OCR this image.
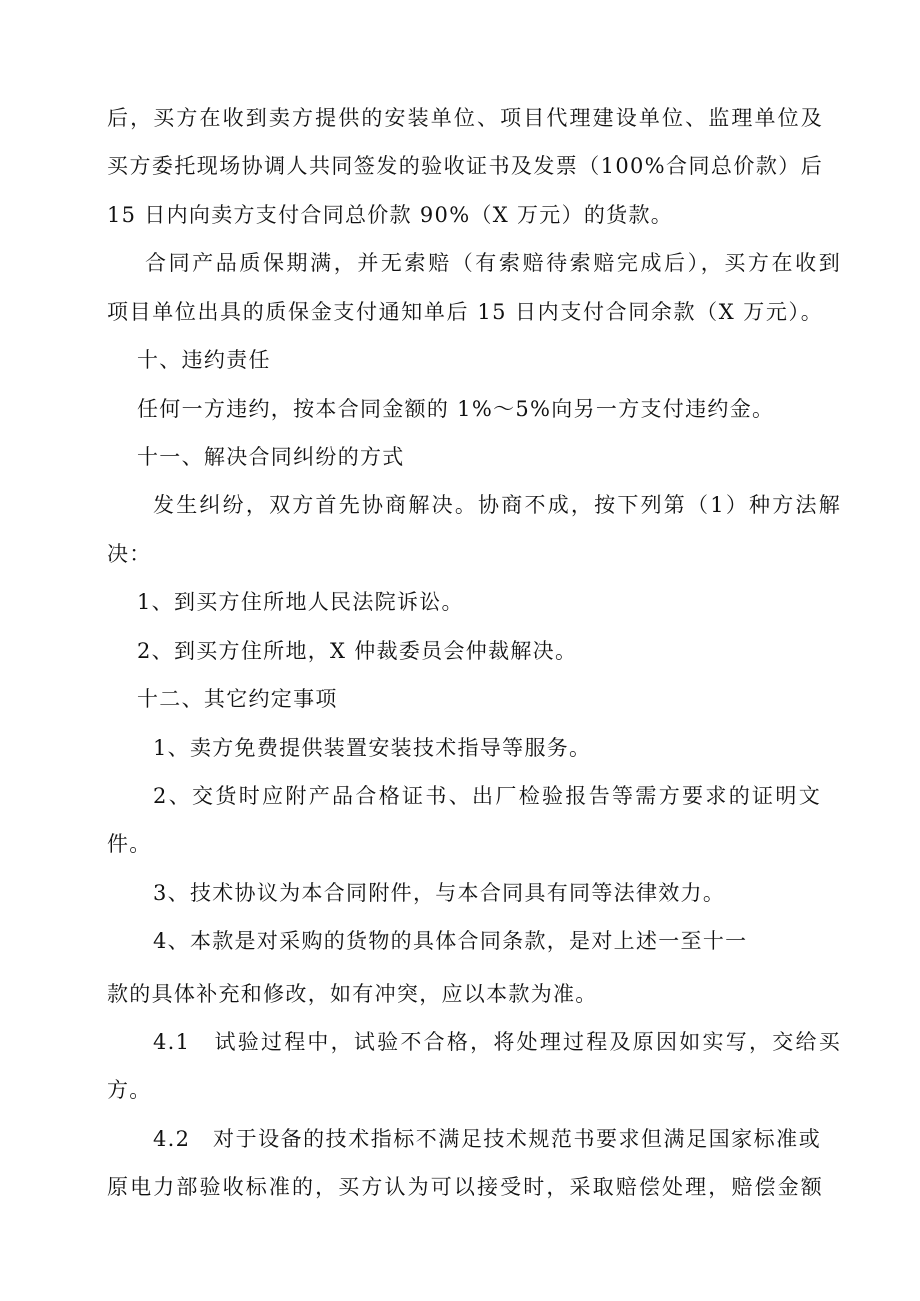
后，买方在收到卖方提供的安装单位、项目代理建设单位、监理单位及
买方委托现场协调人共同签发的验收证书及发票（100%合同总价款）后
15 日内向卖方支付合同总价款 90%（X 万元）的货款。
合同产品质保期满，并无索赔（有索赔待索赔完成后），买方在收到
项目单位出具的质保金支付通知单后 15 日内支付合同余款（X 万元）。
十、违约责任
任何一方违约，按本合同金额的 1%～5%向另一方支付违约金。
十一、解决合同纠纷的方式
发生纠纷，双方首先协商解决。协商不成，按下列第（1）种方法解
决：
1、到买方住所地人民法院诉讼。
2、到买方住所地，X 仲裁委员会仲裁解决。
十二、其它约定事项
1、卖方免费提供装置安装技术指导等服务。
2、交货时应附产品合格证书、出厂检验报告等需方要求的证明文
件。
3、技术协议为本合同附件，与本合同具有同等法律效力。
4、本款是对采购的货物的具体合同条款，是对上述一至十一
款的具体补充和修改，如有冲突，应以本款为准。
4.1　试验过程中，试验不合格，将处理过程及原因如实写，交给买
方。
4.2　对于设备的技术指标不满足技术规范书要求但满足国家标准或
原电力部验收标准的，买方认为可以接受时，采取赔偿处理，赔偿金额
